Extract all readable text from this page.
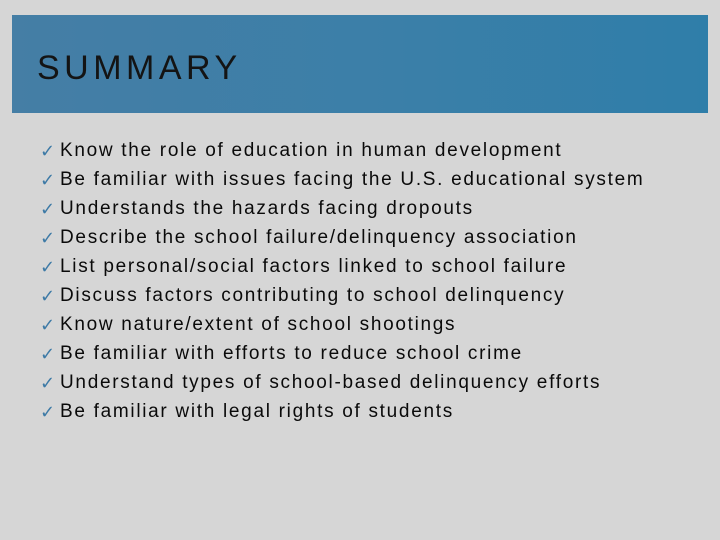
SUMMARY
✓ Know the role of education in human development
✓ Be familiar with issues facing the U.S. educational system
✓ Understands the hazards facing dropouts
✓ Describe the school failure/delinquency association
✓ List personal/social factors linked to school failure
✓ Discuss factors contributing to school delinquency
✓ Know nature/extent of school shootings
✓ Be familiar with efforts to reduce school crime
✓ Understand types of school-based delinquency efforts
✓ Be familiar with legal rights of students
